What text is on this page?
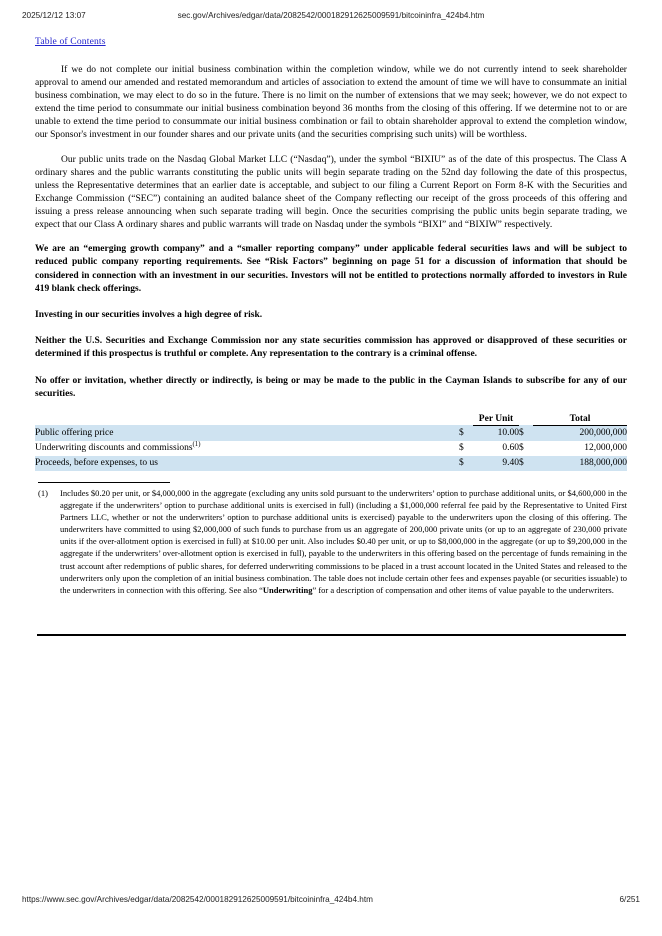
2025/12/12 13:07	sec.gov/Archives/edgar/data/2082542/000182912625009591/bitcoininfra_424b4.htm
Table of Contents

If we do not complete our initial business combination within the completion window, while we do not currently intend to seek shareholder approval to amend our amended and restated memorandum and articles of association to extend the amount of time we will have to consummate an initial business combination, we may elect to do so in the future. There is no limit on the number of extensions that we may seek; however, we do not expect to extend the time period to consummate our initial business combination beyond 36 months from the closing of this offering. If we determine not to or are unable to extend the time period to consummate our initial business combination or fail to obtain shareholder approval to extend the completion window, our Sponsor's investment in our founder shares and our private units (and the securities comprising such units) will be worthless.

Our public units trade on the Nasdaq Global Market LLC (“Nasdaq”), under the symbol “BIXIU” as of the date of this prospectus. The Class A ordinary shares and the public warrants constituting the public units will begin separate trading on the 52nd day following the date of this prospectus, unless the Representative determines that an earlier date is acceptable, and subject to our filing a Current Report on Form 8-K with the Securities and Exchange Commission (“SEC”) containing an audited balance sheet of the Company reflecting our receipt of the gross proceeds of this offering and issuing a press release announcing when such separate trading will begin. Once the securities comprising the public units begin separate trading, we expect that our Class A ordinary shares and public warrants will trade on Nasdaq under the symbols “BIXI” and “BIXIW” respectively.

We are an “emerging growth company” and a “smaller reporting company” under applicable federal securities laws and will be subject to reduced public company reporting requirements. See “Risk Factors” beginning on page 51 for a discussion of information that should be considered in connection with an investment in our securities. Investors will not be entitled to protections normally afforded to investors in Rule 419 blank check offerings.

Investing in our securities involves a high degree of risk.

Neither the U.S. Securities and Exchange Commission nor any state securities commission has approved or disapproved of these securities or determined if this prospectus is truthful or complete. Any representation to the contrary is a criminal offense.

No offer or invitation, whether directly or indirectly, is being or may be made to the public in the Cayman Islands to subscribe for any of our securities.

		Per Unit		Total
Public offering price	$	10.00	$	200,000,000
Underwriting discounts and commissions$^{(1)}$	$	0.60	$	12,000,000
Proceeds, before expenses, to us	$	9.40	$	188,000,000
(1)	Includes $0.20 per unit, or $4,000,000 in the aggregate (excluding any units sold pursuant to the underwriters’ option to purchase additional units, or $4,600,000 in the aggregate if the underwriters’ option to purchase additional units is exercised in full) (including a $1,000,000 referral fee paid by the Representative to United First Partners LLC, whether or not the underwriters’ option to purchase additional units is exercised) payable to the underwriters upon the closing of this offering. The underwriters have committed to using $2,000,000 of such funds to purchase from us an aggregate of 200,000 private units (or up to an aggregate of 230,000 private units if the over-allotment option is exercised in full) at $10.00 per unit. Also includes $0.40 per unit, or up to $8,000,000 in the aggregate (or up to $9,200,000 in the aggregate if the underwriters’ over-allotment option is exercised in full), payable to the underwriters in this offering based on the percentage of funds remaining in the trust account after redemptions of public shares, for deferred underwriting commissions to be placed in a trust account located in the United States and released to the underwriters only upon the completion of an initial business combination. The table does not include certain other fees and expenses payable (or securities issuable) to the underwriters in connection with this offering. See also “Underwriting” for a description of compensation and other items of value payable to the underwriters.
https://www.sec.gov/Archives/edgar/data/2082542/000182912625009591/bitcoininfra_424b4.htm	6/251
